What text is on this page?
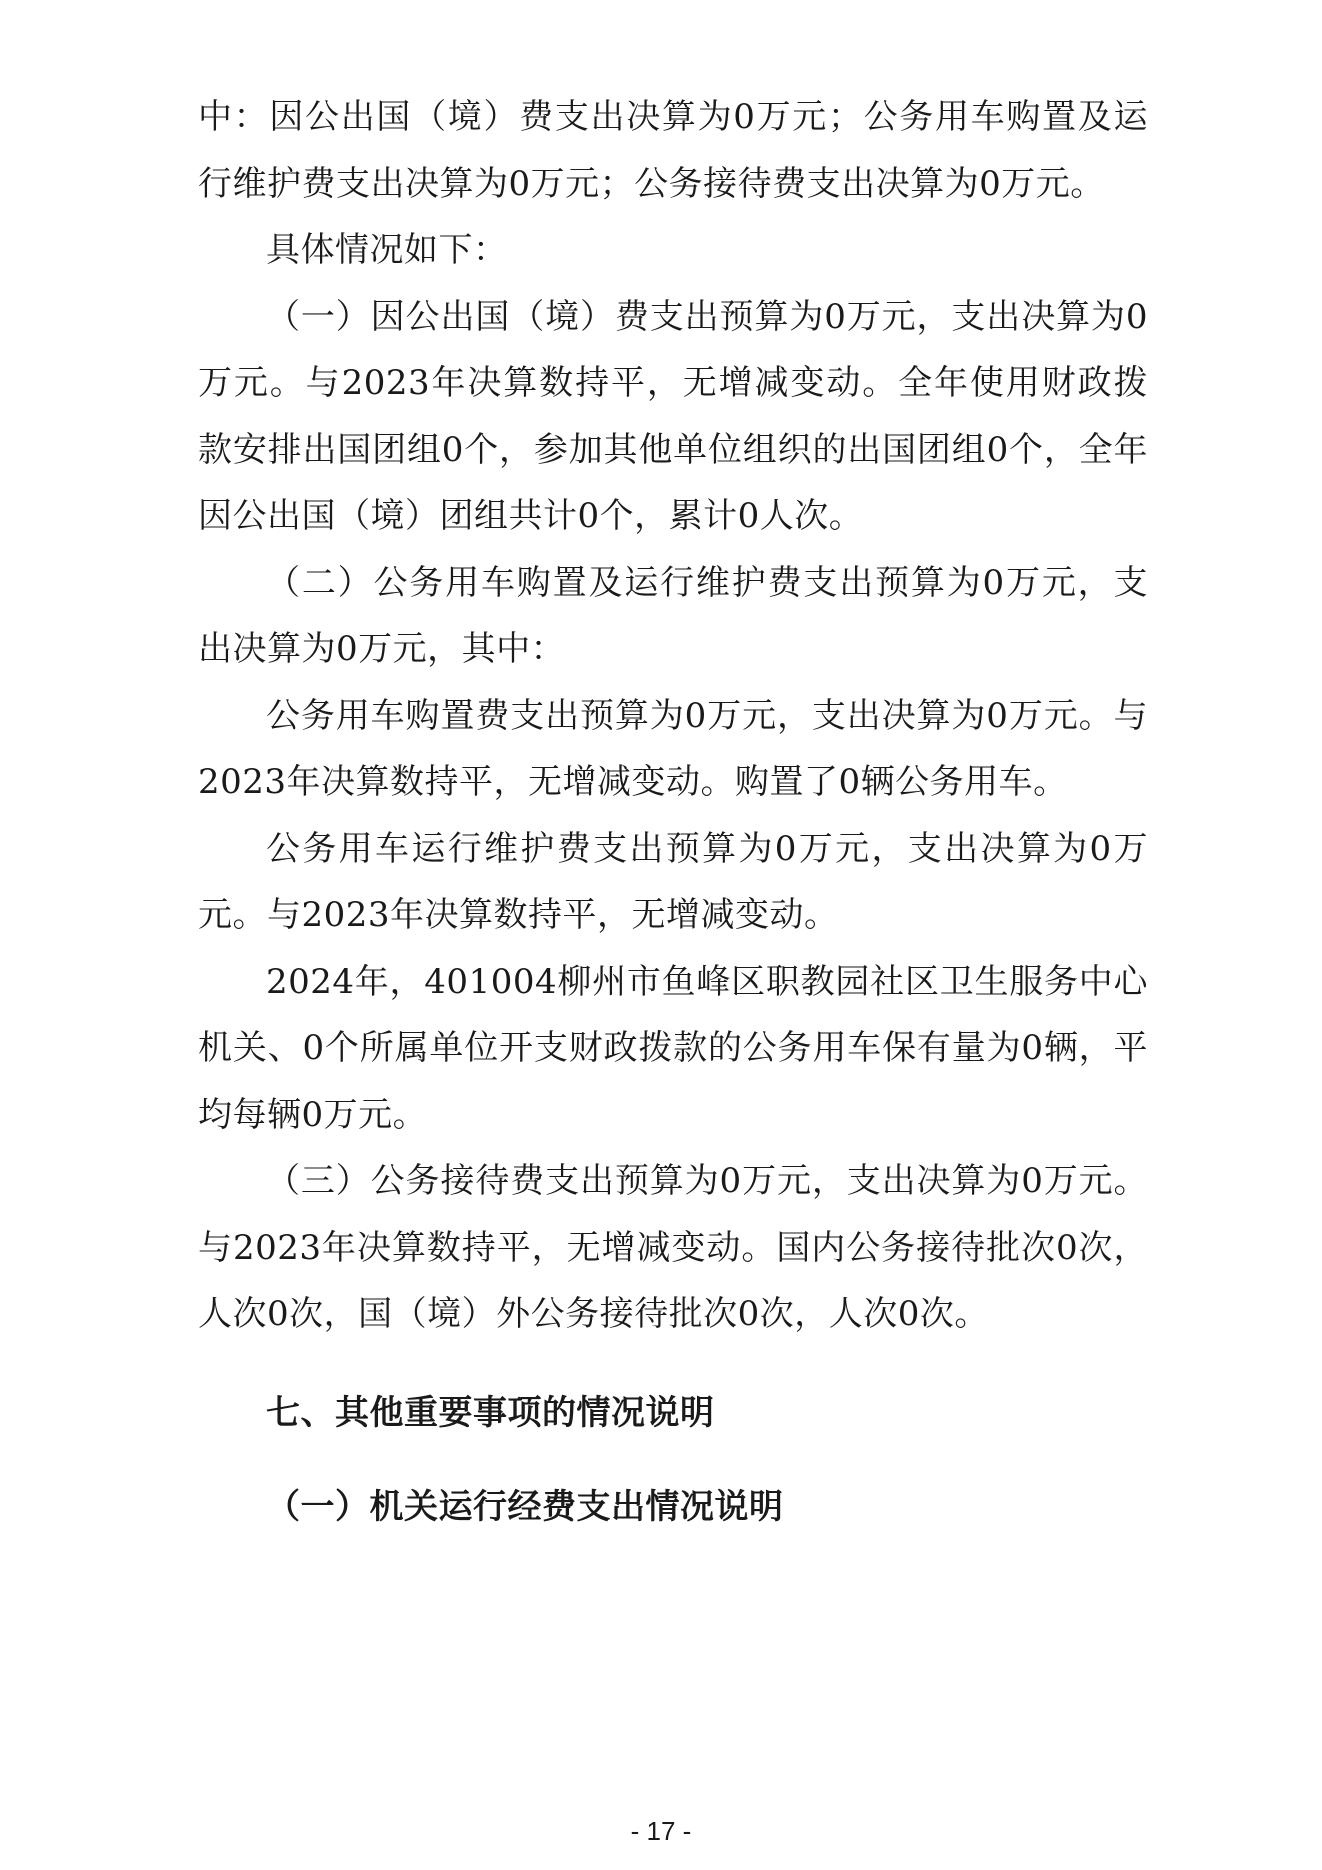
中：因公出国（境）费支出决算为0万元；公务用车购置及运行维护费支出决算为0万元；公务接待费支出决算为0万元。

具体情况如下：

（一）因公出国（境）费支出预算为0万元，支出决算为0万元。与2023年决算数持平，无增减变动。全年使用财政拨款安排出国团组0个，参加其他单位组织的出国团组0个，全年因公出国（境）团组共计0个，累计0人次。

（二）公务用车购置及运行维护费支出预算为0万元，支出决算为0万元，其中：

公务用车购置费支出预算为0万元，支出决算为0万元。与2023年决算数持平，无增减变动。购置了0辆公务用车。

公务用车运行维护费支出预算为0万元，支出决算为0万元。与2023年决算数持平，无增减变动。

2024年，401004柳州市鱼峰区职教园社区卫生服务中心机关、0个所属单位开支财政拨款的公务用车保有量为0辆，平均每辆0万元。

（三）公务接待费支出预算为0万元，支出决算为0万元。与2023年决算数持平，无增减变动。国内公务接待批次0次，人次0次，国（境）外公务接待批次0次，人次0次。

七、其他重要事项的情况说明
（一）机关运行经费支出情况说明
- 17 -
